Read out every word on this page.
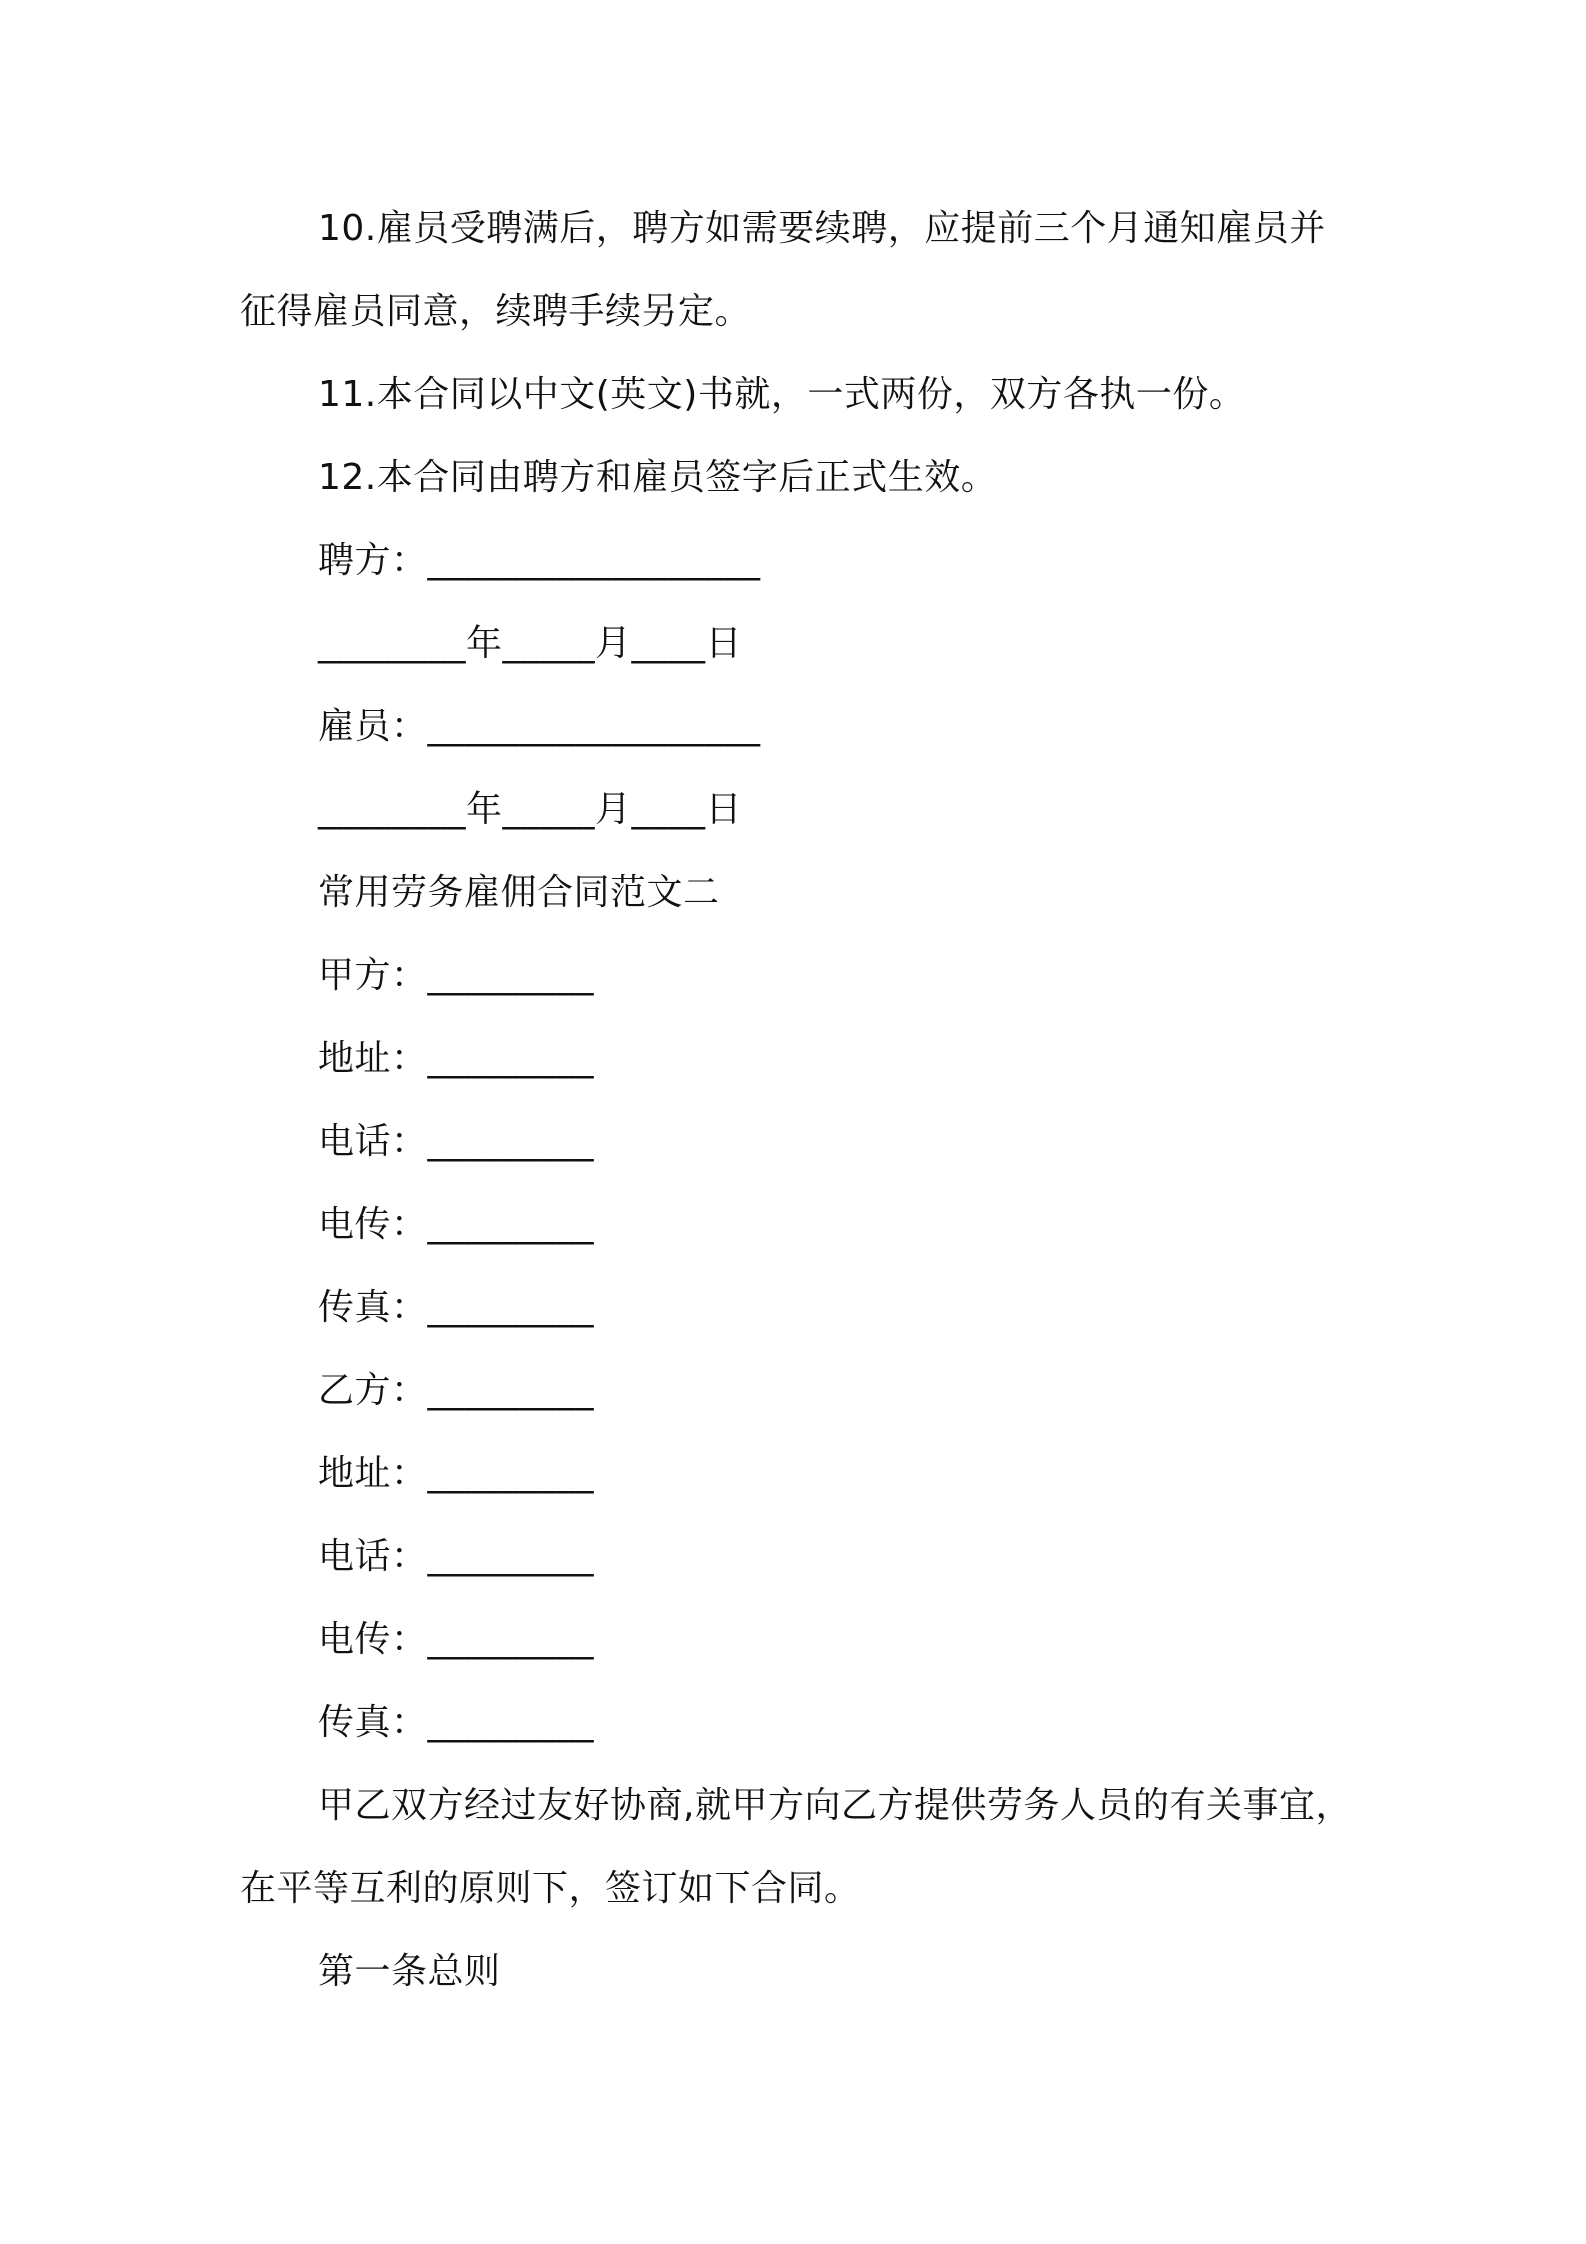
10.雇员受聘满后，聘方如需要续聘，应提前三个月通知雇员并
征得雇员同意，续聘手续另定。
11.本合同以中文(英文)书就，一式两份，双方各执一份。
12.本合同由聘方和雇员签字后正式生效。
聘方：__________________
________年_____月____日
雇员：__________________
________年_____月____日
常用劳务雇佣合同范文二
甲方：_________
地址：_________
电话：_________
电传：_________
传真：_________
乙方：_________
地址：_________
电话：_________
电传：_________
传真：_________
甲乙双方经过友好协商,就甲方向乙方提供劳务人员的有关事宜，
在平等互利的原则下，签订如下合同。
第一条总则
